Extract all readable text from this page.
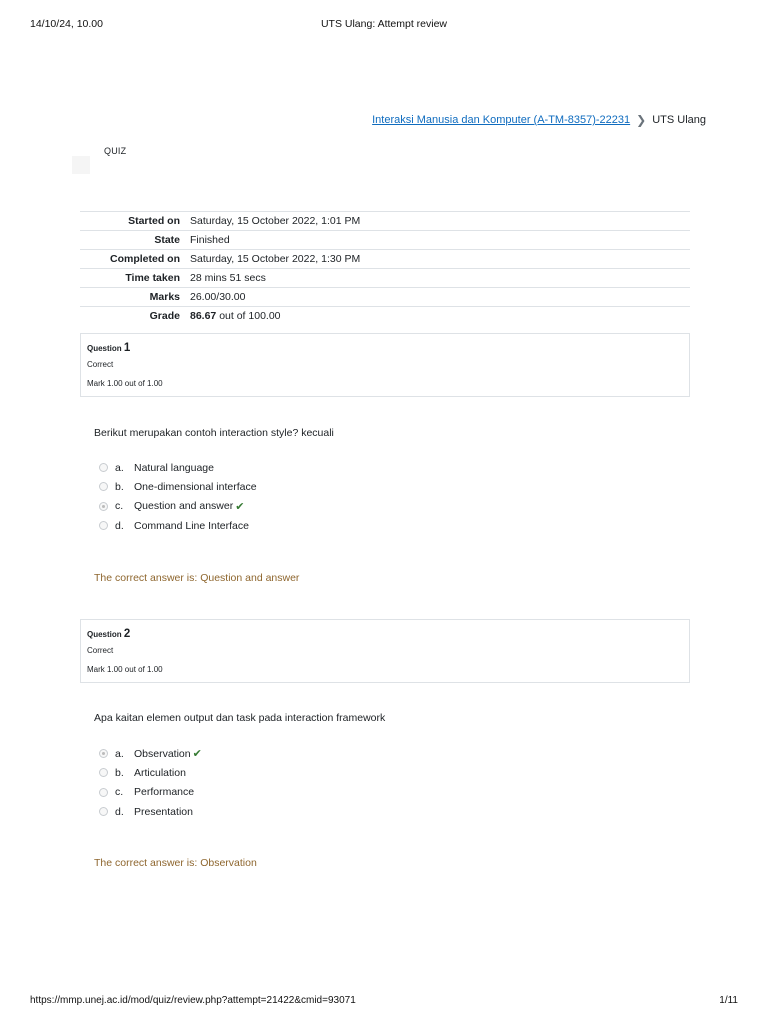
14/10/24, 10.00	UTS Ulang: Attempt review
Interaksi Manusia dan Komputer (A-TM-8357)-22231 ❯ UTS Ulang
QUIZ
Started on	Saturday, 15 October 2022, 1:01 PM
State	Finished
Completed on	Saturday, 15 October 2022, 1:30 PM
Time taken	28 mins 51 secs
Marks	26.00/30.00
Grade	86.67 out of 100.00
Question 1
Correct
Mark 1.00 out of 1.00
Berikut merupakan contoh interaction style? kecuali
a. Natural language
b. One-dimensional interface
c.	Question and answer ✔
d. Command Line Interface
The correct answer is: Question and answer
Question 2
Correct
Mark 1.00 out of 1.00
Apa kaitan elemen output dan task pada interaction framework
a. Observation ✔
b. Articulation
c.	Performance
d. Presentation
The correct answer is: Observation
https://mmp.unej.ac.id/mod/quiz/review.php?attempt=21422&cmid=93071	1/11
